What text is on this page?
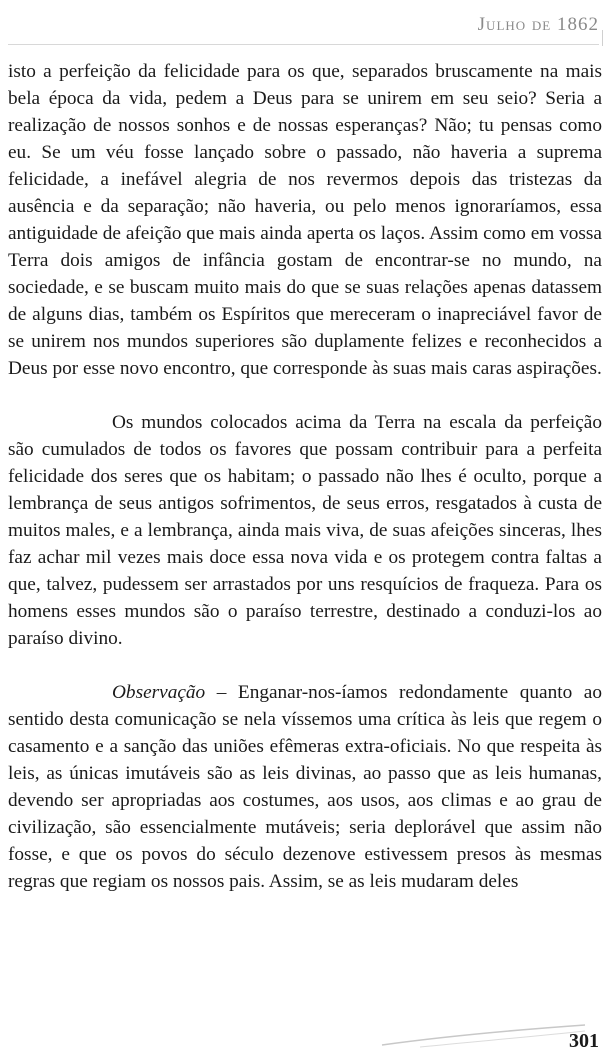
Julho de 1862

isto a perfeição da felicidade para os que, separados bruscamente na mais bela época da vida, pedem a Deus para se unirem em seu seio? Seria a realização de nossos sonhos e de nossas esperanças? Não; tu pensas como eu. Se um véu fosse lançado sobre o passado, não haveria a suprema felicidade, a inefável alegria de nos revermos depois das tristezas da ausência e da separação; não haveria, ou pelo menos ignoraríamos, essa antiguidade de afeição que mais ainda aperta os laços. Assim como em vossa Terra dois amigos de infância gostam de encontrar-se no mundo, na sociedade, e se buscam muito mais do que se suas relações apenas datassem de alguns dias, também os Espíritos que mereceram o inapreciável favor de se unirem nos mundos superiores são duplamente felizes e reconhecidos a Deus por esse novo encontro, que corresponde às suas mais caras aspirações.

Os mundos colocados acima da Terra na escala da perfeição são cumulados de todos os favores que possam contribuir para a perfeita felicidade dos seres que os habitam; o passado não lhes é oculto, porque a lembrança de seus antigos sofrimentos, de seus erros, resgatados à custa de muitos males, e a lembrança, ainda mais viva, de suas afeições sinceras, lhes faz achar mil vezes mais doce essa nova vida e os protegem contra faltas a que, talvez, pudessem ser arrastados por uns resquícios de fraqueza. Para os homens esses mundos são o paraíso terrestre, destinado a conduzi-los ao paraíso divino.

Observação – Enganar-nos-íamos redondamente quanto ao sentido desta comunicação se nela víssemos uma crítica às leis que regem o casamento e a sanção das uniões efêmeras extra-oficiais. No que respeita às leis, as únicas imutáveis são as leis divinas, ao passo que as leis humanas, devendo ser apropriadas aos costumes, aos usos, aos climas e ao grau de civilização, são essencialmente mutáveis; seria deplorável que assim não fosse, e que os povos do século dezenove estivessem presos às mesmas regras que regiam os nossos pais. Assim, se as leis mudaram deles

301
